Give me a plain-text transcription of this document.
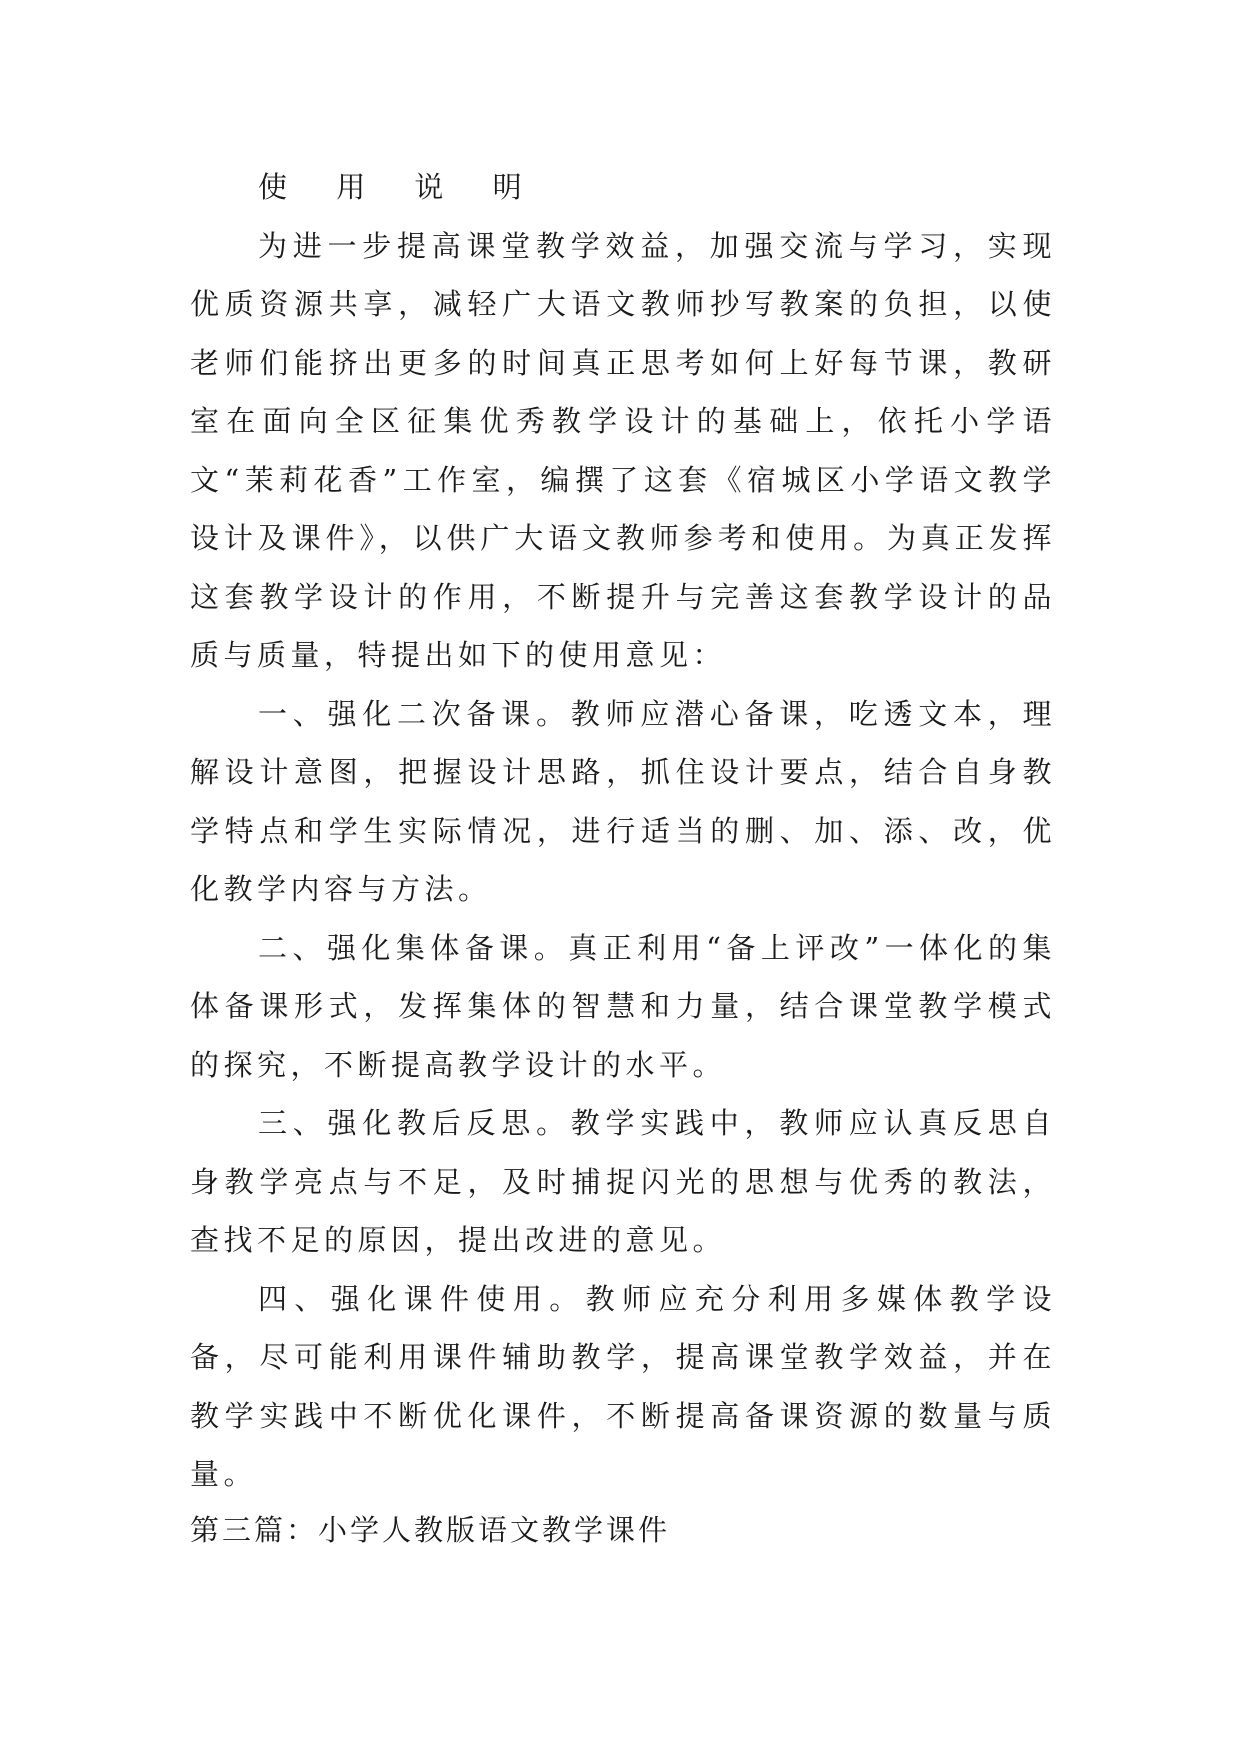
使 用 说 明

为进一步提高课堂教学效益，加强交流与学习，实现优质资源共享，减轻广大语文教师抄写教案的负担，以使老师们能挤出更多的时间真正思考如何上好每节课，教研室在面向全区征集优秀教学设计的基础上，依托小学语文“茉莉花香”工作室，编撰了这套《宿城区小学语文教学设计及课件》，以供广大语文教师参考和使用。为真正发挥这套教学设计的作用，不断提升与完善这套教学设计的品质与质量，特提出如下的使用意见：

一、强化二次备课。教师应潜心备课，吃透文本，理解设计意图，把握设计思路，抓住设计要点，结合自身教学特点和学生实际情况，进行适当的删、加、添、改，优化教学内容与方法。

二、强化集体备课。真正利用“备上评改”一体化的集体备课形式，发挥集体的智慧和力量，结合课堂教学模式的探究，不断提高教学设计的水平。

三、强化教后反思。教学实践中，教师应认真反思自身教学亮点与不足，及时捕捉闪光的思想与优秀的教法，查找不足的原因，提出改进的意见。

四、强化课件使用。教师应充分利用多媒体教学设备，尽可能利用课件辅助教学，提高课堂教学效益，并在教学实践中不断优化课件，不断提高备课资源的数量与质量。

第三篇：小学人教版语文教学课件
